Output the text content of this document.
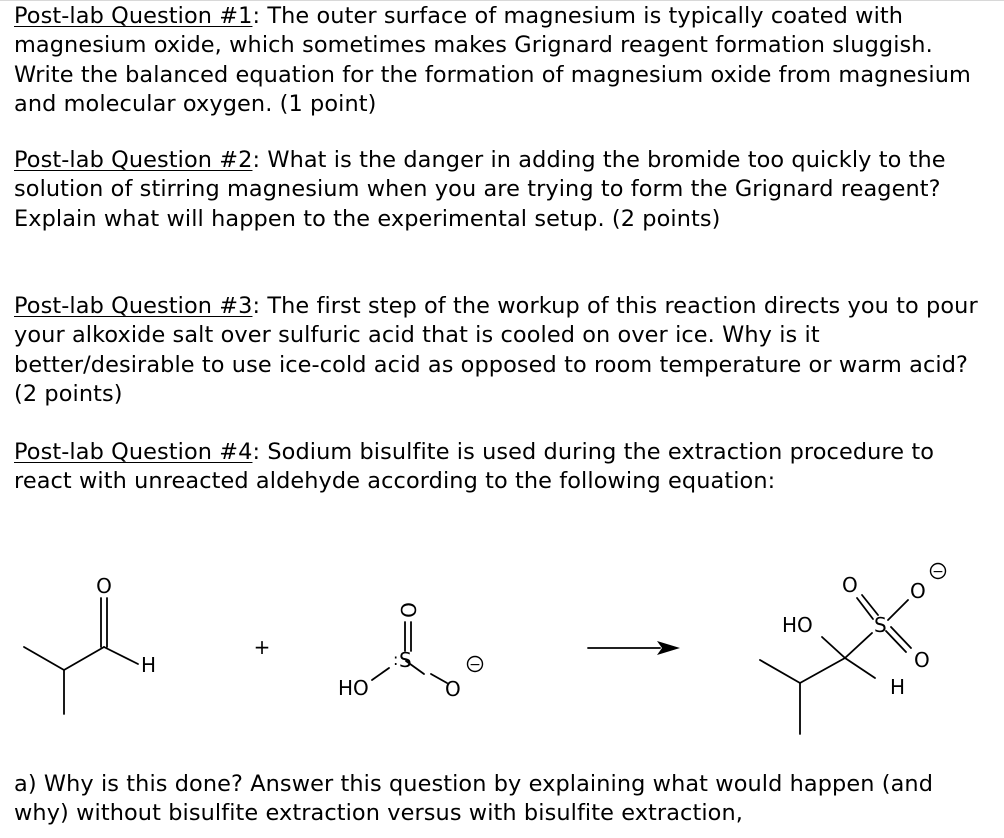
Post-lab Question #1: The outer surface of magnesium is typically coated with magnesium oxide, which sometimes makes Grignard reagent formation sluggish. Write the balanced equation for the formation of magnesium oxide from magnesium and molecular oxygen. (1 point)

Post-lab Question #2: What is the danger in adding the bromide too quickly to the solution of stirring magnesium when you are trying to form the Grignard reagent? Explain what will happen to the experimental setup. (2 points)

Post-lab Question #3: The first step of the workup of this reaction directs you to pour your alkoxide salt over sulfuric acid that is cooled on over ice. Why is it better/desirable to use ice-cold acid as opposed to room temperature or warm acid? (2 points)

Post-lab Question #4: Sodium bisulfite is used during the extraction procedure to react with unreacted aldehyde according to the following equation:

O
H
+
HO
S
:
O
O
HO
H
S
O	O
O
−
−

a) Why is this done? Answer this question by explaining what would happen (and why) without bisulfite extraction versus with bisulfite extraction,
